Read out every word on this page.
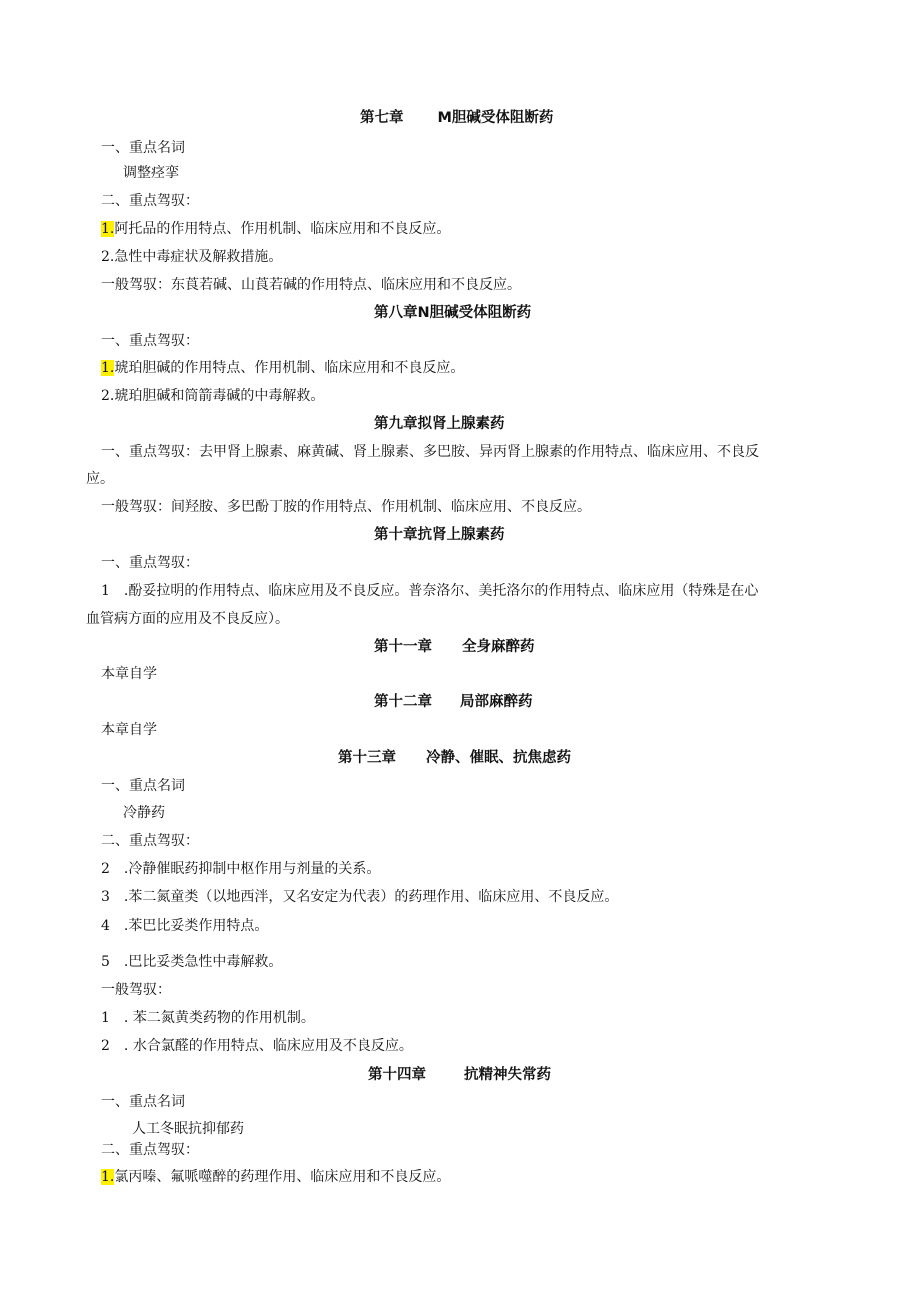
第七章 M胆碱受体阻断药
一、重点名词
调整痉挛
二、重点驾驭：
1.阿托品的作用特点、作用机制、临床应用和不良反应。
2.急性中毒症状及解救措施。
一般驾驭：东莨若碱、山莨若碱的作用特点、临床应用和不良反应。
第八章N胆碱受体阻断药
一、重点驾驭：
1.琥珀胆碱的作用特点、作用机制、临床应用和不良反应。
2.琥珀胆碱和筒箭毒碱的中毒解救。
第九章拟肾上腺素药
一、重点驾驭：去甲肾上腺素、麻黄碱、肾上腺素、多巴胺、异丙肾上腺素的作用特点、临床应用、不良反
应。
一般驾驭：间羟胺、多巴酚丁胺的作用特点、作用机制、临床应用、不良反应。
第十章抗肾上腺素药
一、重点驾驭：
1 .酚妥拉明的作用特点、临床应用及不良反应。普奈洛尔、美托洛尔的作用特点、临床应用（特殊是在心
血管病方面的应用及不良反应）。
第十一章 全身麻醉药
本章自学
第十二章 局部麻醉药
本章自学
第十三章 冷静、催眠、抗焦虑药
一、重点名词
冷静药
二、重点驾驭：
2 .冷静催眠药抑制中枢作用与剂量的关系。
3 .苯二氮童类（以地西泮，又名安定为代表）的药理作用、临床应用、不良反应。
4 .苯巴比妥类作用特点。
5 .巴比妥类急性中毒解救。
一般驾驭：
1 . 苯二氮黄类药物的作用机制。
2 . 水合氯醛的作用特点、临床应用及不良反应。
第十四章	抗精神失常药
一、重点名词
人工冬眠抗抑郁药
二、重点驾驭：
1.氯丙嗪、氟哌噬醉的药理作用、临床应用和不良反应。
